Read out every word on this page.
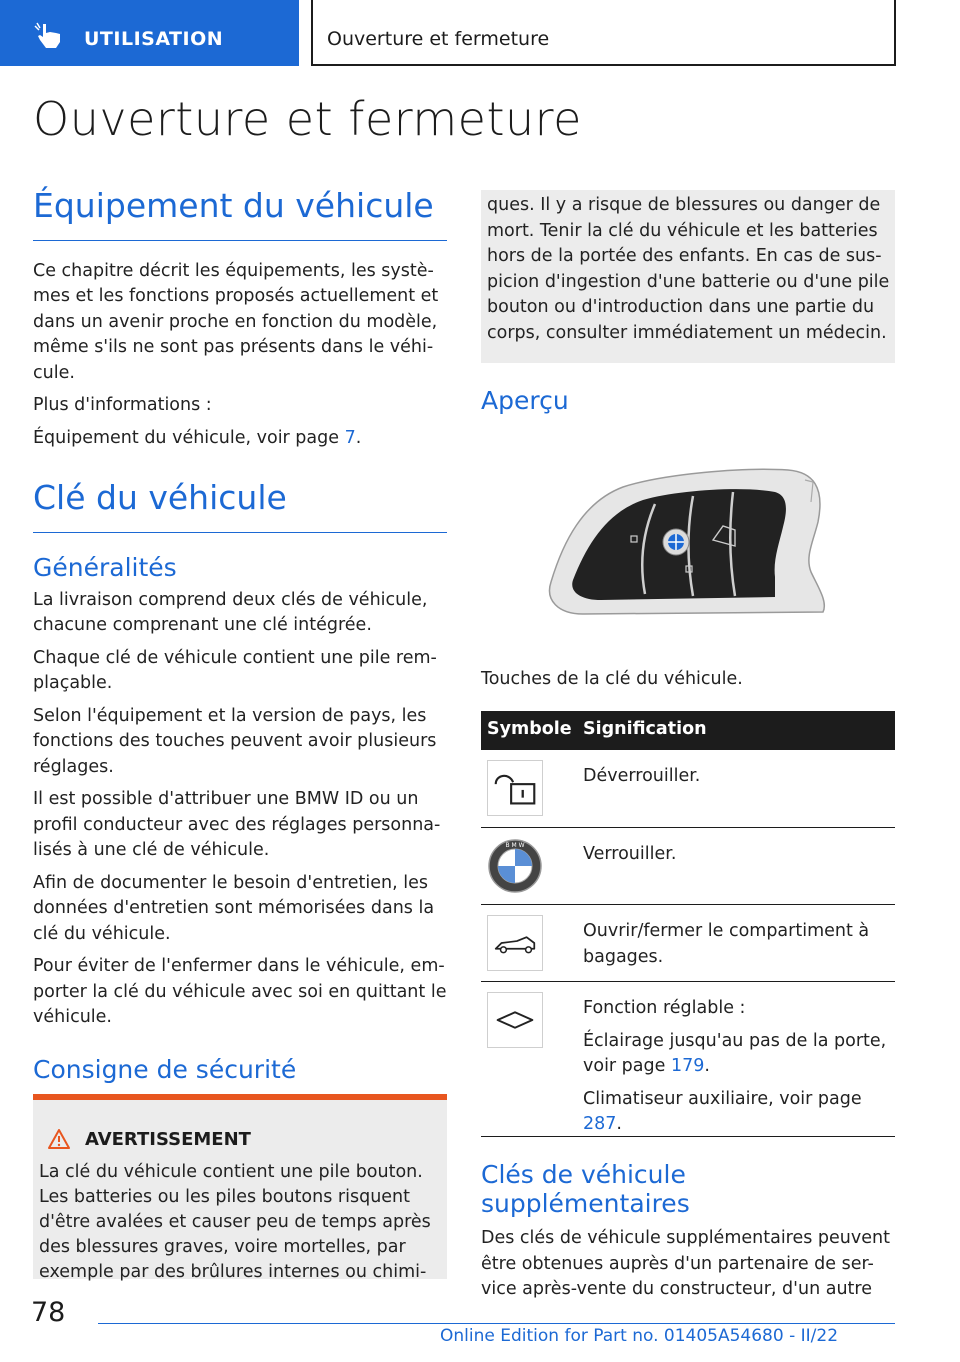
UTILISATION	Ouverture et fermeture
Ouverture et fermeture
Équipement du véhicule

Ce chapitre décrit les équipements, les systè-mes et les fonctions proposés actuellement et dans un avenir proche en fonction du modèle, même s'ils ne sont pas présents dans le véhi-cule.

Plus d'informations :

Équipement du véhicule, voir page 7.

Clé du véhicule
Généralités

La livraison comprend deux clés de véhicule, chacune comprenant une clé intégrée.

Chaque clé de véhicule contient une pile rem-plaçable.

Selon l'équipement et la version de pays, les fonctions des touches peuvent avoir plusieurs réglages.

Il est possible d'attribuer une BMW ID ou un profil conducteur avec des réglages personna-lisés à une clé de véhicule.

Afin de documenter le besoin d'entretien, les données d'entretien sont mémorisées dans la clé du véhicule.

Pour éviter de l'enfermer dans le véhicule, em-porter la clé du véhicule avec soi en quittant le véhicule.

Consigne de sécurité
AVERTISSEMENT

La clé du véhicule contient une pile bouton. Les batteries ou les piles boutons risquent d'être avalées et causer peu de temps après des blessures graves, voire mortelles, par exemple par des brûlures internes ou chimi-

ques. Il y a risque de blessures ou danger de mort. Tenir la clé du véhicule et les batteries hors de la portée des enfants. En cas de sus-picion d'ingestion d'une batterie ou d'une pile bouton ou d'introduction dans une partie du corps, consulter immédiatement un médecin.

Aperçu

Touches de la clé du véhicule.

Symbole Signification

Déverrouiller.

B M W	Verrouiller.

Ouvrir/fermer le compartiment à bagages.

Fonction réglable :

Éclairage jusqu'au pas de la porte, voir page 179.

Climatiseur auxiliaire, voir page 287.

Clés de véhicule supplémentaires

Des clés de véhicule supplémentaires peuvent être obtenues auprès d'un partenaire de ser-vice après-vente du constructeur, d'un autre

78
Online Edition for Part no. 01405A54680 - II/22
